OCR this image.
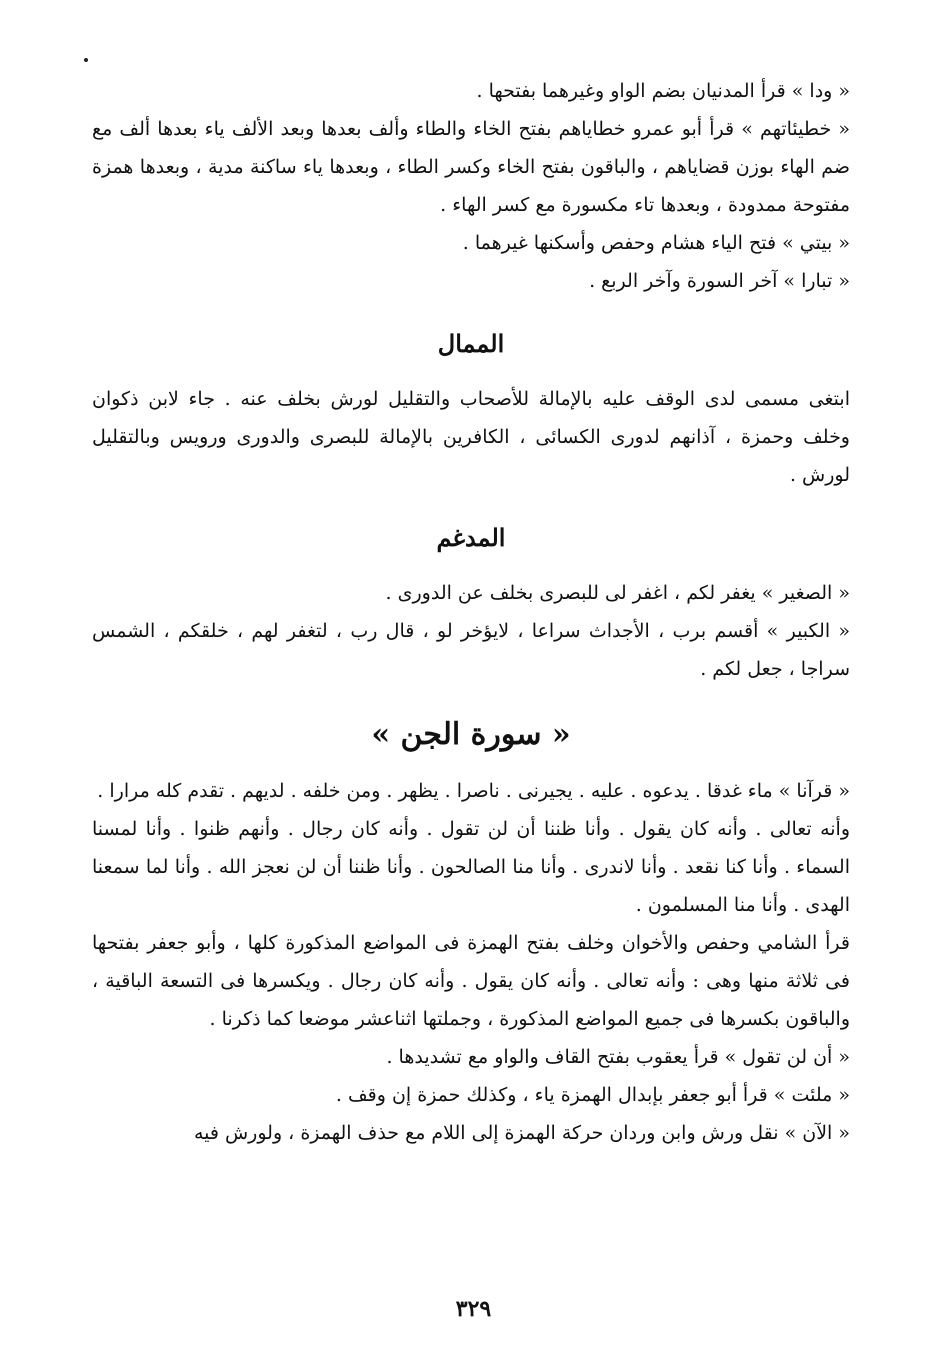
« ودا » قرأ المدنيان بضم الواو وغيرهما بفتحها .

« خطيئاتهم » قرأ أبو عمرو خطاياهم بفتح الخاء والطاء وألف بعدها وبعد الألف ياء بعدها ألف مع ضم الهاء بوزن قضاياهم ، والباقون بفتح الخاء وكسر الطاء ، وبعدها ياء ساكنة مدية ، وبعدها همزة مفتوحة ممدودة ، وبعدها تاء مكسورة مع كسر الهاء .

« بيتي » فتح الياء هشام وحفص وأسكنها غيرهما .

« تبارا » آخر السورة وآخر الربع .

الممال

ابتغى مسمى لدى الوقف عليه بالإمالة للأصحاب والتقليل لورش بخلف عنه . جاء لابن ذكوان وخلف وحمزة ، آذانهم لدورى الكسائى ، الكافرين بالإمالة للبصرى والدورى ورويس وبالتقليل لورش .

المدغم

« الصغير » يغفر لكم ، اغفر لى للبصرى بخلف عن الدورى .

« الكبير » أقسم برب ، الأجداث سراعا ، لايؤخر لو ، قال رب ، لتغفر لهم ، خلقكم ، الشمس سراجا ، جعل لكم .

« سورة الجن »

« قرآنا » ماء غدقا . يدعوه . عليه . يجيرنى . ناصرا . يظهر . ومن خلفه . لديهم . تقدم كله مرارا .

وأنه تعالى . وأنه كان يقول . وأنا ظننا أن لن تقول . وأنه كان رجال . وأنهم ظنوا . وأنا لمسنا السماء . وأنا كنا نقعد . وأنا لاندرى . وأنا منا الصالحون . وأنا ظننا أن لن نعجز الله . وأنا لما سمعنا الهدى . وأنا منا المسلمون .

قرأ الشامي وحفص والأخوان وخلف بفتح الهمزة فى المواضع المذكورة كلها ، وأبو جعفر بفتحها فى ثلاثة منها وهى : وأنه تعالى . وأنه كان يقول . وأنه كان رجال . ويكسرها فى التسعة الباقية ، والباقون بكسرها فى جميع المواضع المذكورة ، وجملتها اثناعشر موضعا كما ذكرنا .

« أن لن تقول » قرأ يعقوب بفتح القاف والواو مع تشديدها .

« ملئت » قرأ أبو جعفر بإبدال الهمزة ياء ، وكذلك حمزة إن وقف .

« الآن » نقل ورش وابن وردان حركة الهمزة إلى اللام مع حذف الهمزة ، ولورش فيه

٣٢٩
